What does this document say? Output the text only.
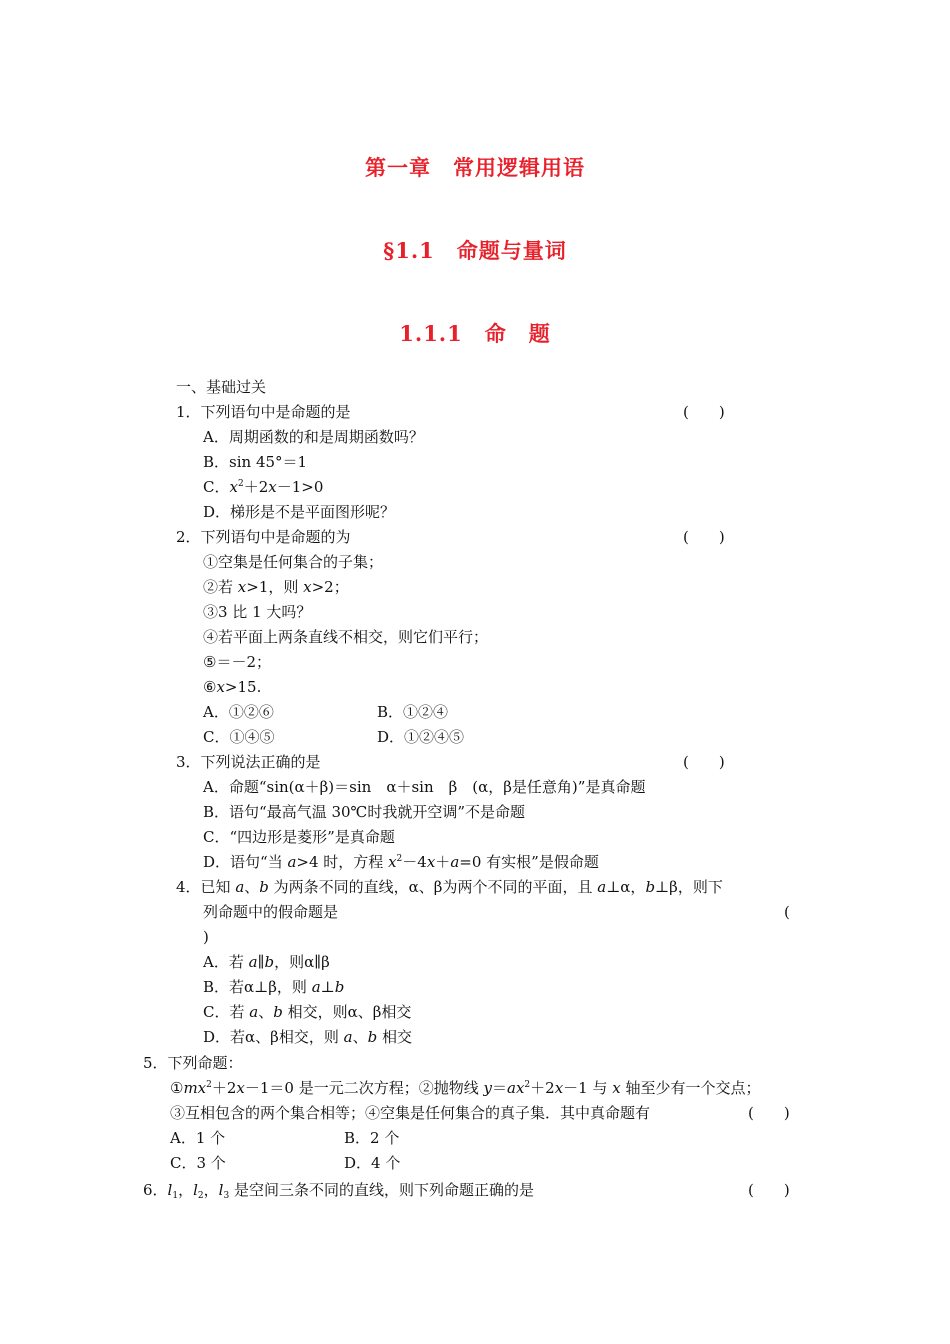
第一章　常用逻辑用语
§1.1　命题与量词
1.1.1　命　题
一、基础过关
1．下列语句中是命题的是	(　　)
A．周期函数的和是周期函数吗？
B．sin 45°＝1
C．$x^2+2x-1>0$
D．梯形是不是平面图形呢？
2．下列语句中是命题的为	(　　)
①空集是任何集合的子集；
②若 x>1，则 x>2；
③3 比 1 大吗？
④若平面上两条直线不相交，则它们平行；
⑤＝－2；
⑥x>15.
A．①②⑥	B．①②④
C．①④⑤	D．①②④⑤
3．下列说法正确的是	(　　)
A．命题“sin(α＋β)＝sin　α＋sin　β　(α，β是任意角)”是真命题
B．语句“最高气温 30℃时我就开空调”不是命题
C．“四边形是菱形”是真命题
D．语句“当 a>4 时，方程 $x^2-4x+a=0$ 有实根”是假命题
4．已知 a、b 为两条不同的直线，α、β为两个不同的平面，且 a⊥α，b⊥β，则下
列命题中的假命题是	(
)
A．若 a∥b，则α∥β
B．若α⊥β，则 a⊥b
C．若 a、b 相交，则α、β相交
D．若α、β相交，则 a、b 相交
5．下列命题：
$①mx^2+2x-1=0$ 是一元二次方程；②抛物线 $y=ax^2+2x-1$ 与 x 轴至少有一个交点；
③互相包含的两个集合相等；④空集是任何集合的真子集．其中真命题有	(　　)
A．1 个	B．2 个
C．3 个	D．4 个
6．$l_1$，$l_2$，$l_3$ 是空间三条不同的直线，则下列命题正确的是	(　　)
